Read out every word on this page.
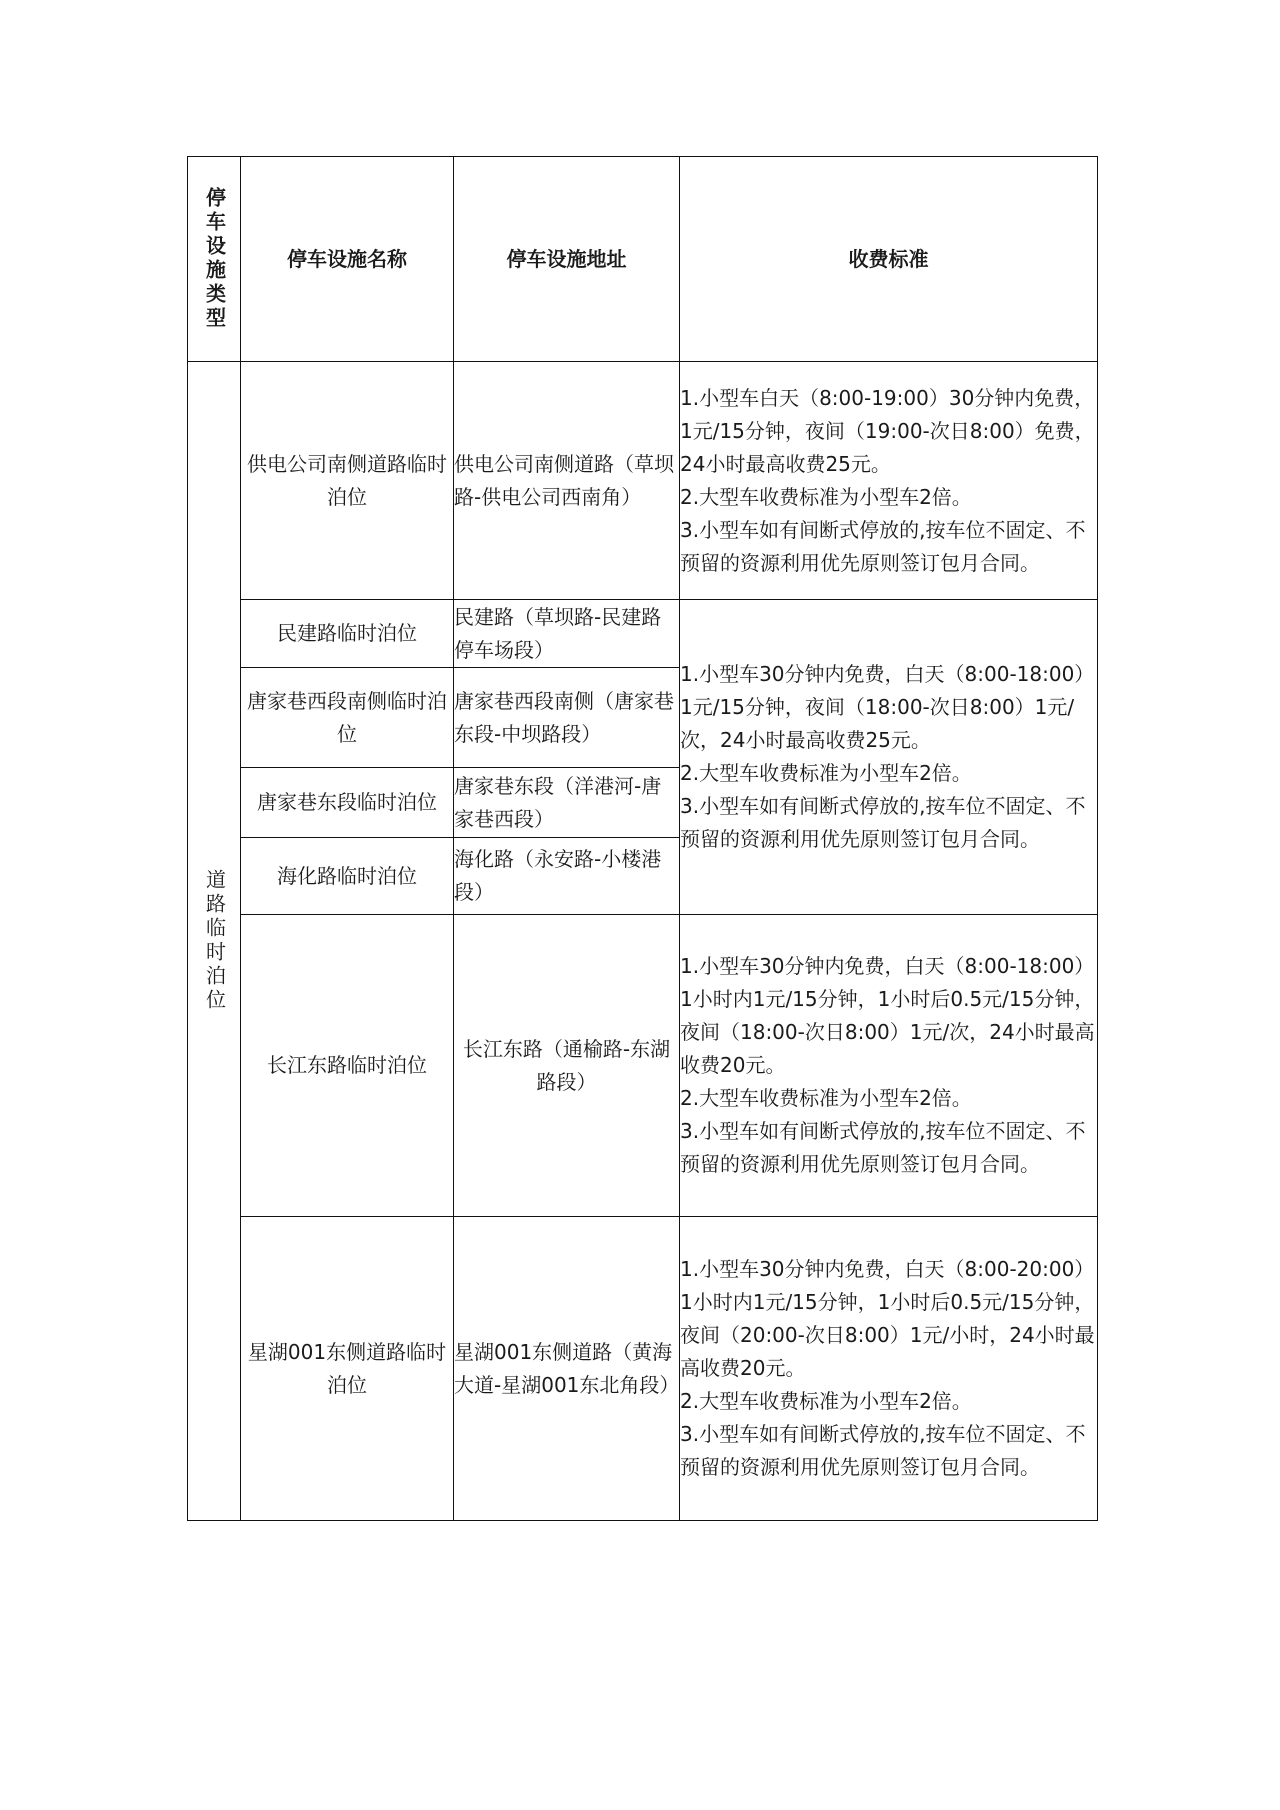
停车设施类型	停车设施名称	停车设施地址	收费标准

道路临时泊位	供电公司南侧道路临时泊位	供电公司南侧道路（草坝路-供电公司西南角）	1.小型车白天（8:00-19:00）30分钟内免费，1元/15分钟，夜间（19:00-次日8:00）免费，24小时最高收费25元。

2.大型车收费标准为小型车2倍。

3.小型车如有间断式停放的,按车位不固定、不预留的资源利用优先原则签订包月合同。

	民建路临时泊位	民建路（草坝路-民建路停车场段）	1.小型车30分钟内免费，白天（8:00-18:00）1元/15分钟，夜间（18:00-次日8:00）1元/次，24小时最高收费25元。

2.大型车收费标准为小型车2倍。

3.小型车如有间断式停放的,按车位不固定、不预留的资源利用优先原则签订包月合同。

	唐家巷西段南侧临时泊位	唐家巷西段南侧（唐家巷东段-中坝路段）	
	唐家巷东段临时泊位	唐家巷东段（洋港河-唐家巷西段）	
	海化路临时泊位	海化路（永安路-小楼港段）	
	长江东路临时泊位	长江东路（通榆路-东湖路段）	1.小型车30分钟内免费，白天（8:00-18:00）1小时内1元/15分钟，1小时后0.5元/15分钟，夜间（18:00-次日8:00）1元/次，24小时最高收费20元。

2.大型车收费标准为小型车2倍。

3.小型车如有间断式停放的,按车位不固定、不预留的资源利用优先原则签订包月合同。

	星湖001东侧道路临时泊位	星湖001东侧道路（黄海大道-星湖001东北角段）	1.小型车30分钟内免费，白天（8:00-20:00）1小时内1元/15分钟，1小时后0.5元/15分钟，夜间（20:00-次日8:00）1元/小时，24小时最高收费20元。

2.大型车收费标准为小型车2倍。

3.小型车如有间断式停放的,按车位不固定、不预留的资源利用优先原则签订包月合同。
